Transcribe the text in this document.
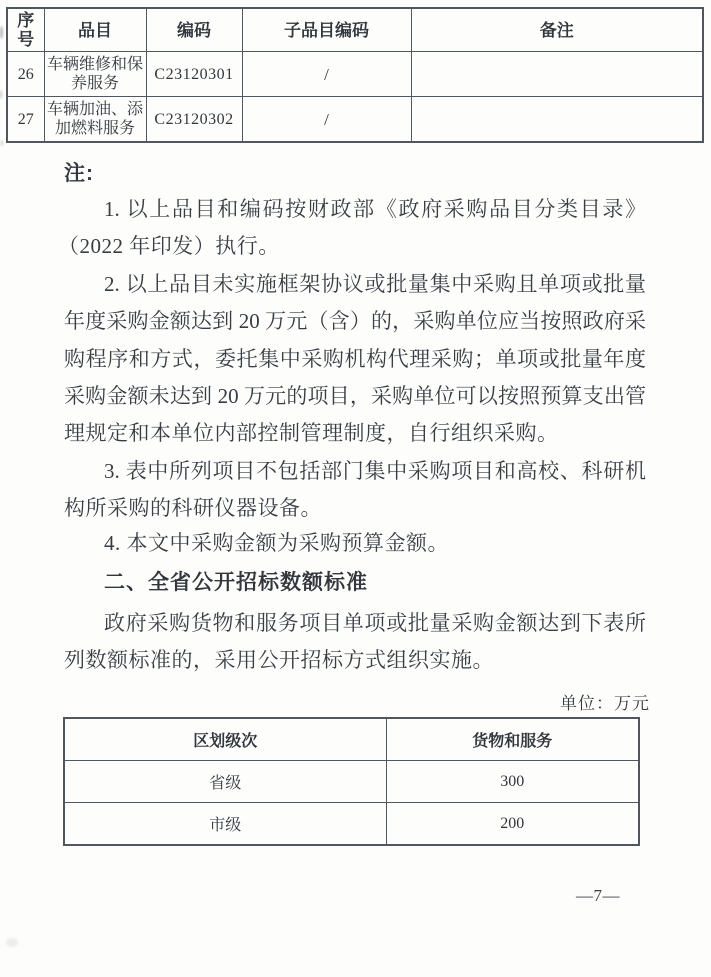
序号	品目	编码	子品目编码	备注
26	车辆维修和保养服务	C23120301	/	
27	车辆加油、添加燃料服务	C23120302	/	
注:
1. 以上品目和编码按财政部《政府采购品目分类目录》
（2022 年印发）执行。
2. 以上品目未实施框架协议或批量集中采购且单项或批量
年度采购金额达到 20 万元（含）的，采购单位应当按照政府采
购程序和方式，委托集中采购机构代理采购；单项或批量年度
采购金额未达到 20 万元的项目，采购单位可以按照预算支出管
理规定和本单位内部控制管理制度，自行组织采购。
3. 表中所列项目不包括部门集中采购项目和高校、科研机
构所采购的科研仪器设备。
4. 本文中采购金额为采购预算金额。
二、全省公开招标数额标准
政府采购货物和服务项目单项或批量采购金额达到下表所
列数额标准的，采用公开招标方式组织实施。
单位：万元
区划级次	货物和服务
省级	300
市级	200
—7—
